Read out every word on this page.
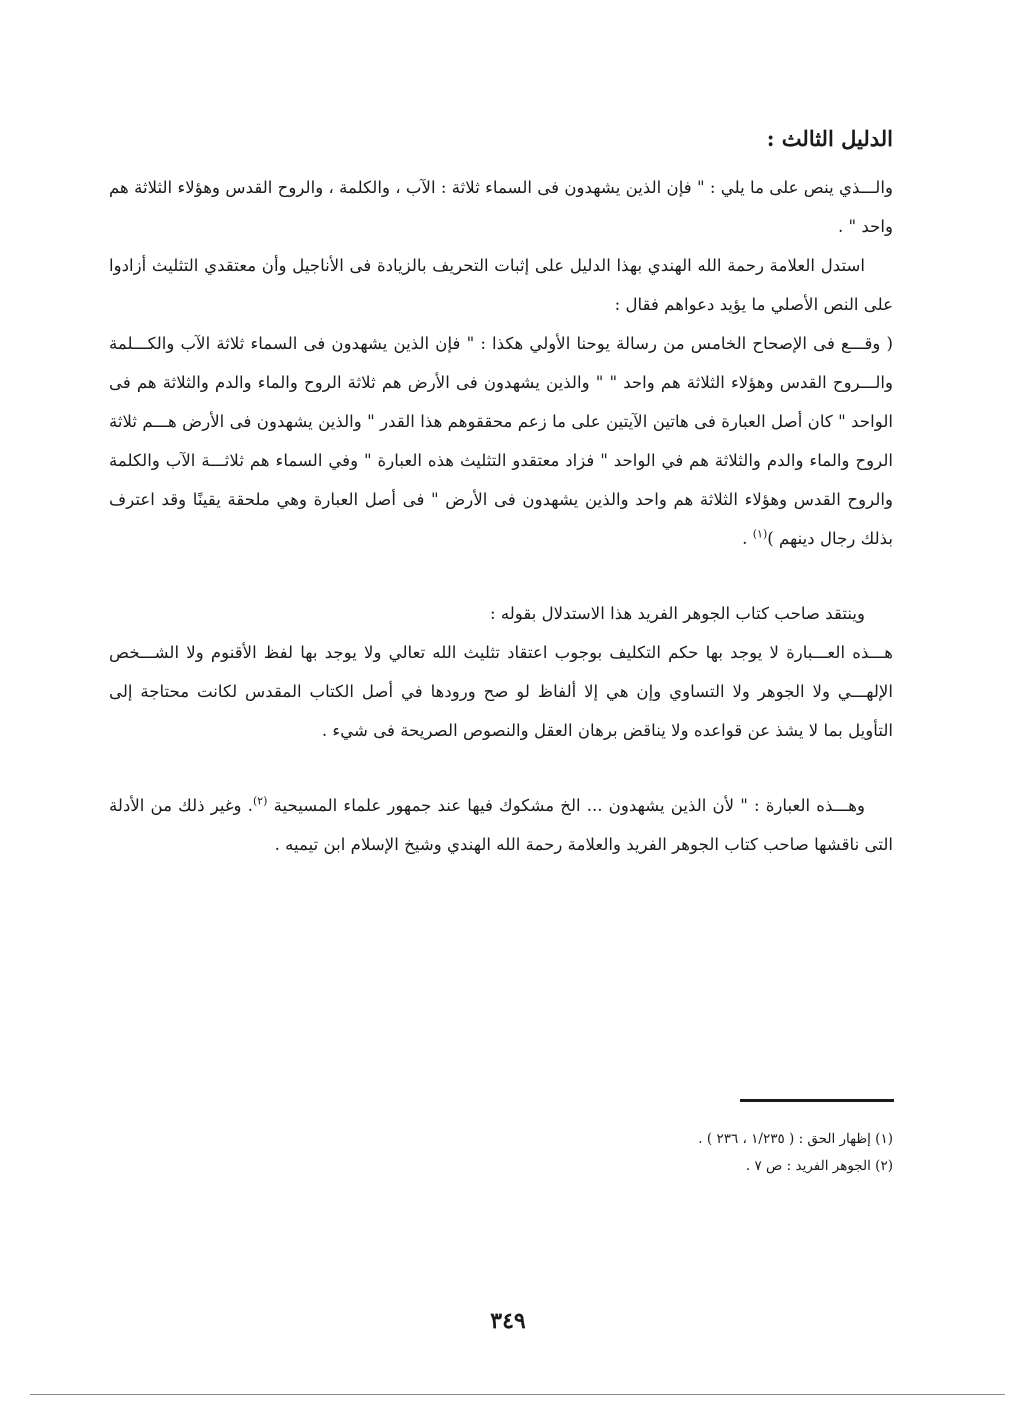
الدليل الثالث :

والـــذي ينص على ما يلي : " فإن الذين يشهدون فى السماء ثلاثة : الآب ، والكلمة ، والروح القدس وهؤلاء الثلاثة هم واحد " .

استدل العلامة رحمة الله الهندي بهذا الدليل على إثبات التحريف بالزيادة فى الأناجيل وأن معتقدي التثليث أزادوا على النص الأصلي ما يؤيد دعواهم فقال :

( وقـــع فى الإصحاح الخامس من رسالة يوحنا الأولي هكذا : " فإن الذين يشهدون فى السماء ثلاثة الآب والكـــلمة والـــروح القدس وهؤلاء الثلاثة هم واحد " " والذين يشهدون فى الأرض هم ثلاثة الروح والماء والدم والثلاثة هم فى الواحد " كان أصل العبارة فى هاتين الآيتين على ما زعم محققوهم هذا القدر " والذين يشهدون فى الأرض هـــم ثلاثة الروح والماء والدم والثلاثة هم في الواحد " فزاد معتقدو التثليث هذه العبارة " وفي السماء هم ثلاثـــة الآب والكلمة والروح القدس وهؤلاء الثلاثة هم واحد والذين يشهدون فى الأرض " فى أصل العبارة وهي ملحقة يقينًا وقد اعترف بذلك رجال دينهم )$^{(١)}$ .

وينتقد صاحب كتاب الجوهر الفريد هذا الاستدلال بقوله :

هـــذه العـــبارة لا يوجد بها حكم التكليف بوجوب اعتقاد تثليث الله تعالي ولا يوجد بها لفظ الأقنوم ولا الشـــخص الإلهـــي ولا الجوهر ولا التساوي وإن هي إلا ألفاظ لو صح ورودها في أصل الكتاب المقدس لكانت محتاجة إلى التأويل بما لا يشذ عن قواعده ولا يناقض برهان العقل والنصوص الصريحة فى شيء .

وهـــذه العبارة : " لأن الذين يشهدون ... الخ مشكوك فيها عند جمهور علماء المسيحية $^{(٢)}$. وغير ذلك من الأدلة التى ناقشها صاحب كتاب الجوهر الفريد والعلامة رحمة الله الهندي وشيخ الإسلام ابن تيميه .

(١) إظهار الحق : ( ١/٢٣٥ ، ٢٣٦ ) .
(٢) الجوهر الفريد : ص ٧ .
٣٤٩
